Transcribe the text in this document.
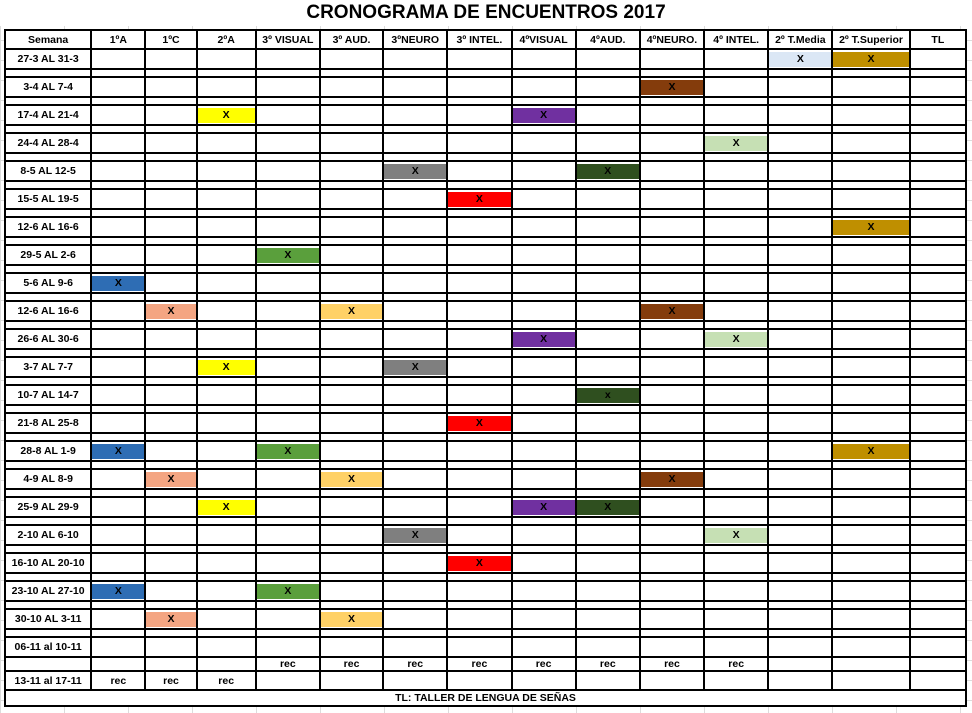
CRONOGRAMA DE ENCUENTROS 2017
Semana	1ºA	1ºC	2ºA	3º VISUAL	3º AUD.	3ºNEURO	3º INTEL.	4ºVISUAL	4ºAUD.	4ºNEURO.	4º INTEL.	2º T.Media	2º T.Superior	TL
27-3 AL 31-3												X	X	

3-4 AL 7-4										X				

17-4 AL 21-4			X					X						

24-4 AL 28-4											X			

8-5 AL 12-5						X			X					

15-5 AL 19-5							X							

12-6 AL 16-6													X	

29-5 AL 2-6				X										

5-6 AL 9-6	X													

12-6 AL 16-6		X			X					X				

26-6 AL 30-6								X			X			

3-7 AL 7-7			X			X								

10-7 AL 14-7									x					

21-8 AL 25-8							X							

28-8 AL 1-9	X			X									X	

4-9 AL 8-9		X			X					X				

25-9 AL 29-9			X					X	X					

2-10 AL 6-10						X					X			

16-10 AL 20-10							X							

23-10 AL 27-10	X			X										

30-10 AL 3-11		X			X									

06-11 al 10-11														
				rec	rec	rec	rec	rec	rec	rec	rec			
13-11 al 17-11	rec	rec	rec											
TL: TALLER DE LENGUA DE SEÑAS														
